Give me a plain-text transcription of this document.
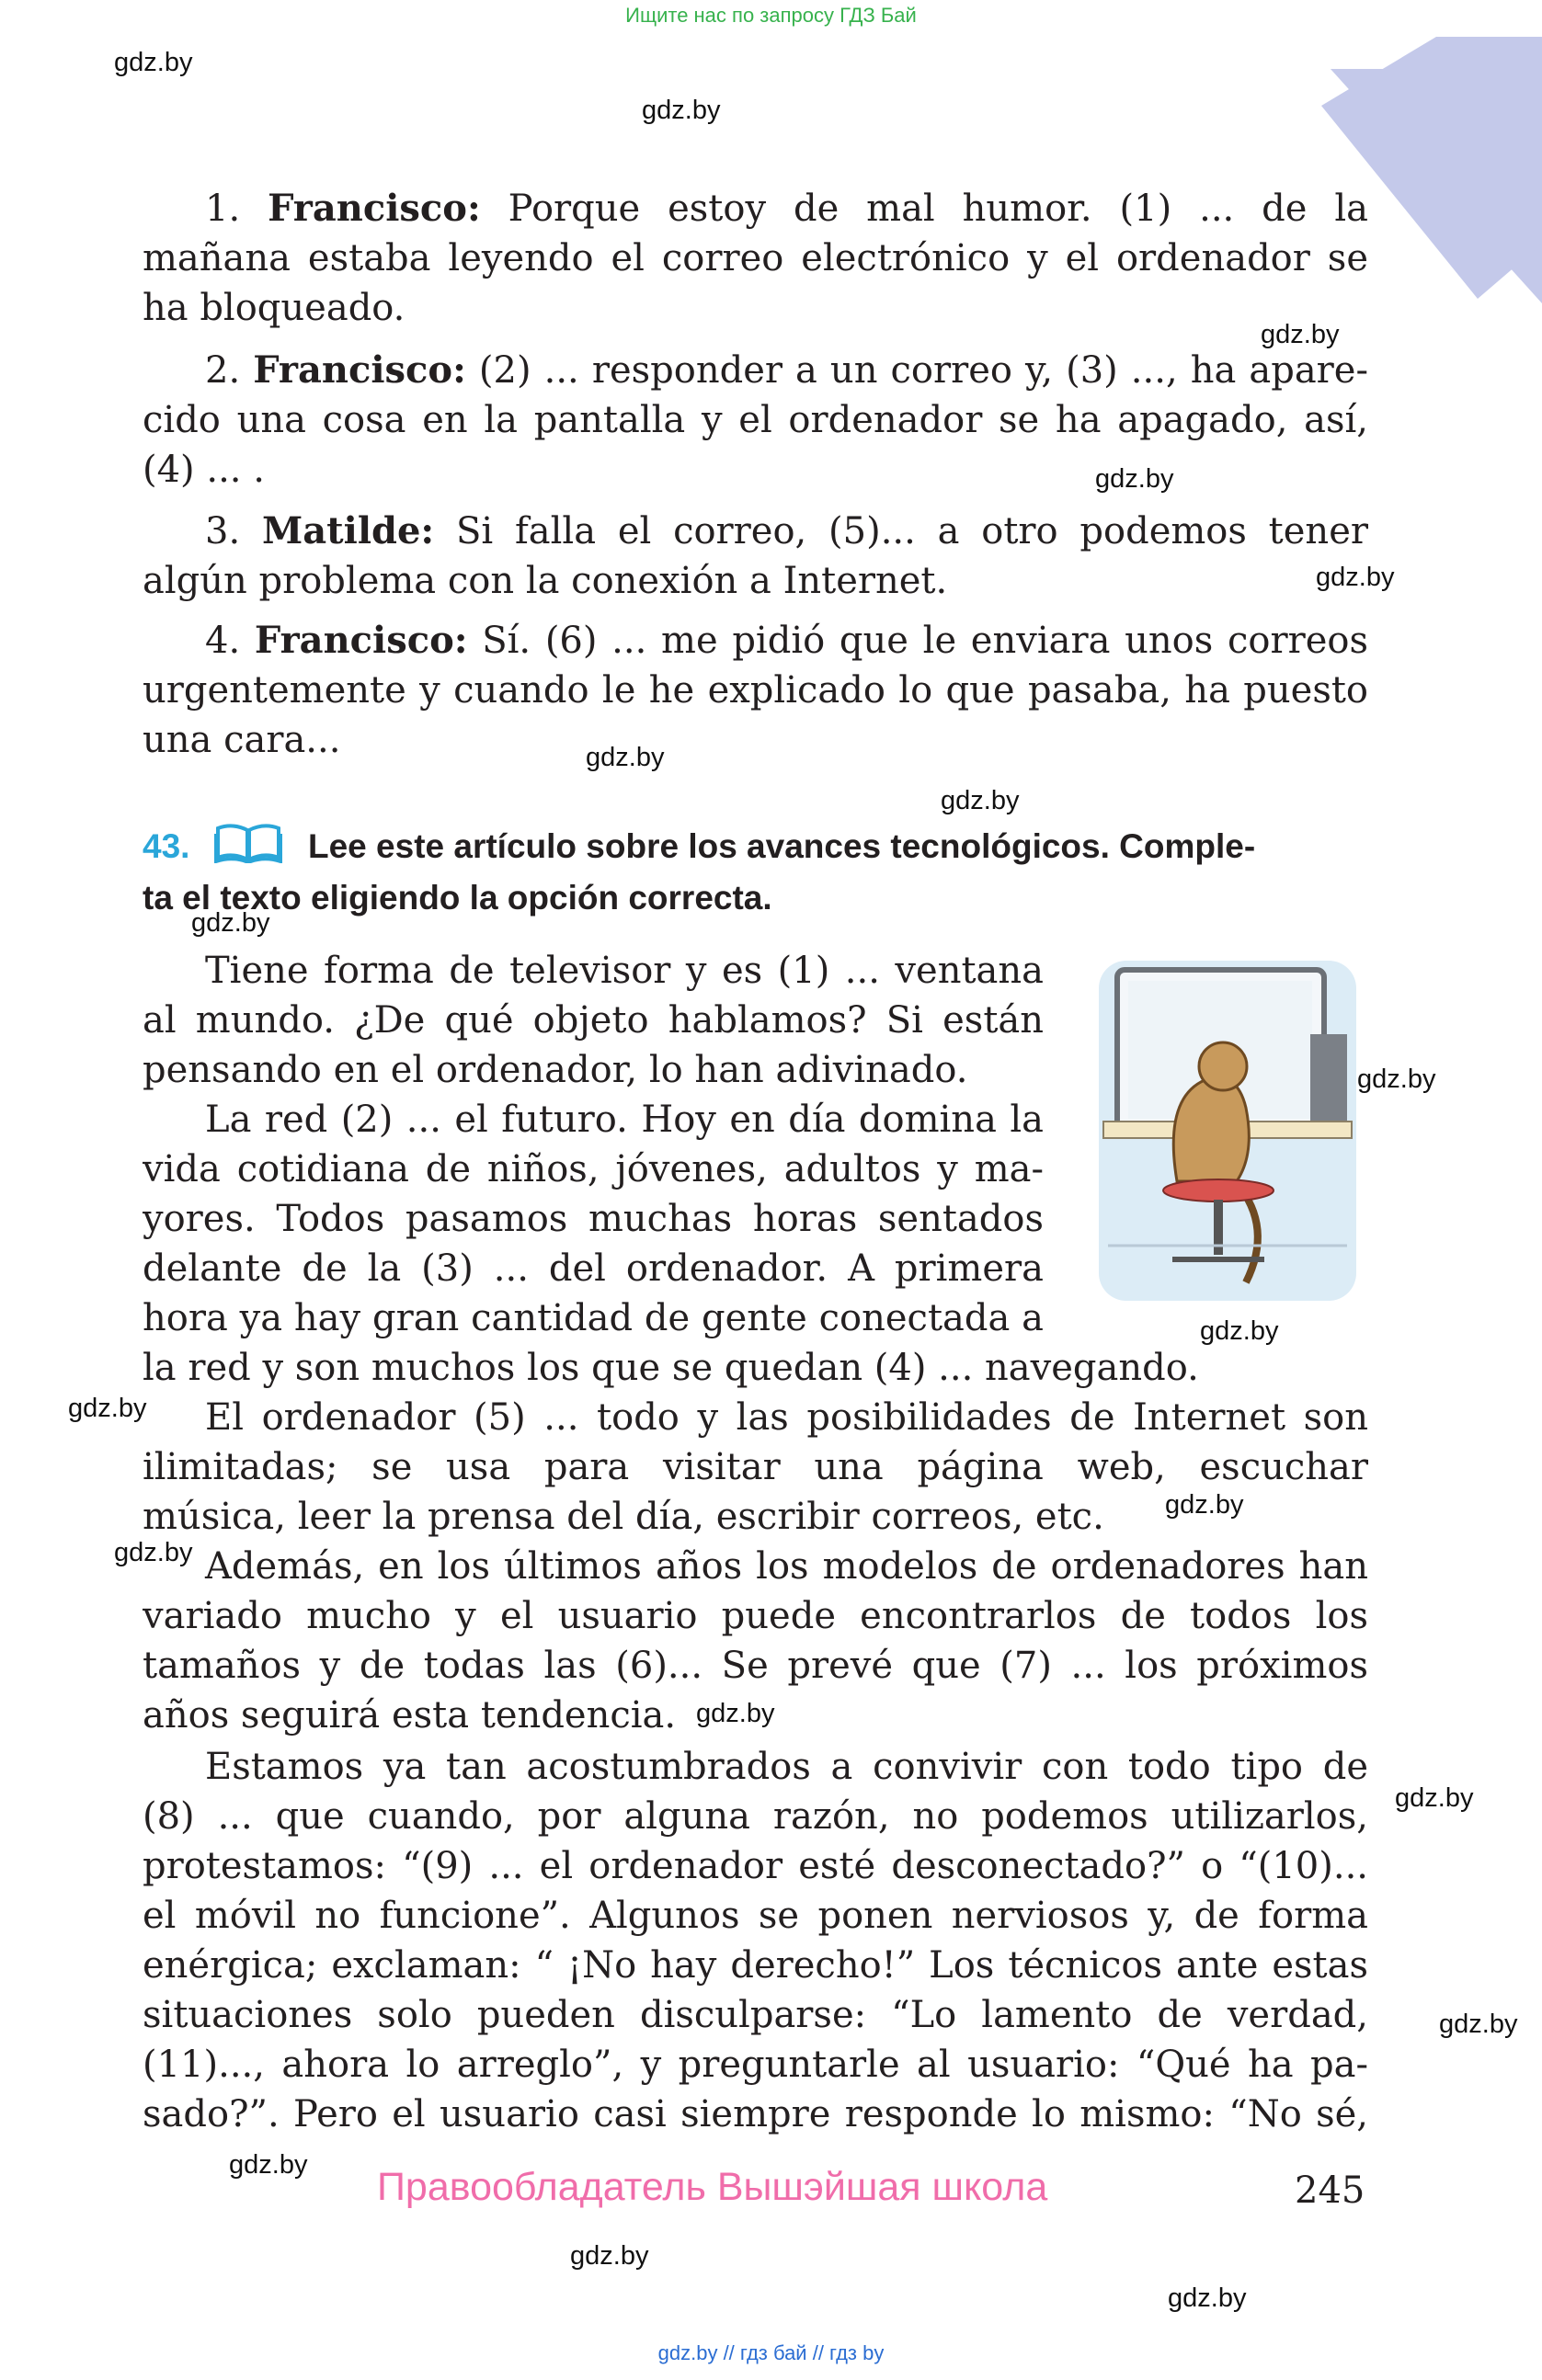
Ищите нас по запросу ГДЗ Бай
gdz.by
gdz.by
gdz.by
gdz.by
gdz.by
gdz.by
gdz.by
gdz.by
gdz.by
gdz.by
gdz.by
gdz.by
gdz.by
gdz.by
gdz.by
gdz.by
gdz.by
gdz.by
gdz.by
1. Francisco: Porque estoy de mal humor. (1) ... de la
mañana estaba leyendo el correo electrónico y el ordenador se
ha bloqueado.
2. Francisco: (2) ... responder a un correo y, (3) ..., ha apare-
cido una cosa en la pantalla y el ordenador se ha apagado, así,
(4) ... .
3. Matilde: Si falla el correo, (5)... a otro podemos tener
algún problema con la conexión a Internet.
4. Francisco: Sí. (6) ... me pidió que le enviara unos correos
urgentemente y cuando le he explicado lo que pasaba, ha puesto
una cara...
43.	Lee este artículo sobre los avances tecnológicos. Comple-
ta el texto eligiendo la opción correcta.
Tiene forma de televisor y es (1) ... ventana
al mundo. ¿De qué objeto hablamos? Si están
pensando en el ordenador, lo han adivinado.
La red (2) ... el futuro. Hoy en día domina la
vida cotidiana de niños, jóvenes, adultos y ma-
yores. Todos pasamos muchas horas sentados
delante de la (3) ... del ordenador. A primera
hora ya hay gran cantidad de gente conectada a
la red y son muchos los que se quedan (4) ... navegando.
El ordenador (5) ... todo y las posibilidades de Internet son
ilimitadas; se usa para visitar una página web, escuchar
música, leer la prensa del día, escribir correos, etc.
Además, en los últimos años los modelos de ordenadores han
variado mucho y el usuario puede encontrarlos de todos los
tamaños y de todas las (6)... Se prevé que (7) ... los próximos
años seguirá esta tendencia.
Estamos ya tan acostumbrados a convivir con todo tipo de
(8) ... que cuando, por alguna razón, no podemos utilizarlos,
protestamos: “(9) ... el ordenador esté desconectado?” o “(10)...
el móvil no funcione”. Algunos se ponen nerviosos y, de forma
enérgica; exclaman: “ ¡No hay derecho!” Los técnicos ante estas
situaciones solo pueden disculparse: “Lo lamento de verdad,
(11)..., ahora lo arreglo”, y preguntarle al usuario: “Qué ha pa-
sado?”. Pero el usuario casi siempre responde lo mismo: “No sé,
Правообладатель Вышэйшая школа	245
gdz.by // гдз бай // гдз by
